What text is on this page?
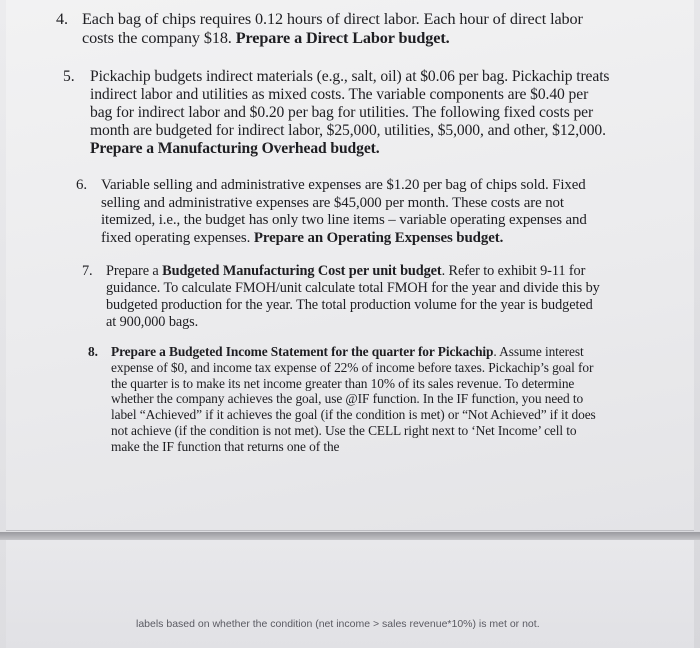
4. Each bag of chips requires 0.12 hours of direct labor. Each hour of direct labor costs the company $18. Prepare a Direct Labor budget.

5. Pickachip budgets indirect materials (e.g., salt, oil) at $0.06 per bag. Pickachip treats indirect labor and utilities as mixed costs. The variable components are $0.40 per bag for indirect labor and $0.20 per bag for utilities. The following fixed costs per month are budgeted for indirect labor, $25,000, utilities, $5,000, and other, $12,000. Prepare a Manufacturing Overhead budget.

6. Variable selling and administrative expenses are $1.20 per bag of chips sold. Fixed selling and administrative expenses are $45,000 per month. These costs are not itemized, i.e., the budget has only two line items – variable operating expenses and fixed operating expenses. Prepare an Operating Expenses budget.

7. Prepare a Budgeted Manufacturing Cost per unit budget. Refer to exhibit 9-11 for guidance. To calculate FMOH/unit calculate total FMOH for the year and divide this by budgeted production for the year. The total production volume for the year is budgeted at 900,000 bags.

8. Prepare a Budgeted Income Statement for the quarter for Pickachip. Assume interest expense of $0, and income tax expense of 22% of income before taxes. Pickachip’s goal for the quarter is to make its net income greater than 10% of its sales revenue. To determine whether the company achieves the goal, use @IF function. In the IF function, you need to label “Achieved” if it achieves the goal (if the condition is met) or “Not Achieved” if it does not achieve (if the condition is not met). Use the CELL right next to ‘Net Income’ cell to make the IF function that returns one of the

labels based on whether the condition (net income > sales revenue*10%) is met or not.
